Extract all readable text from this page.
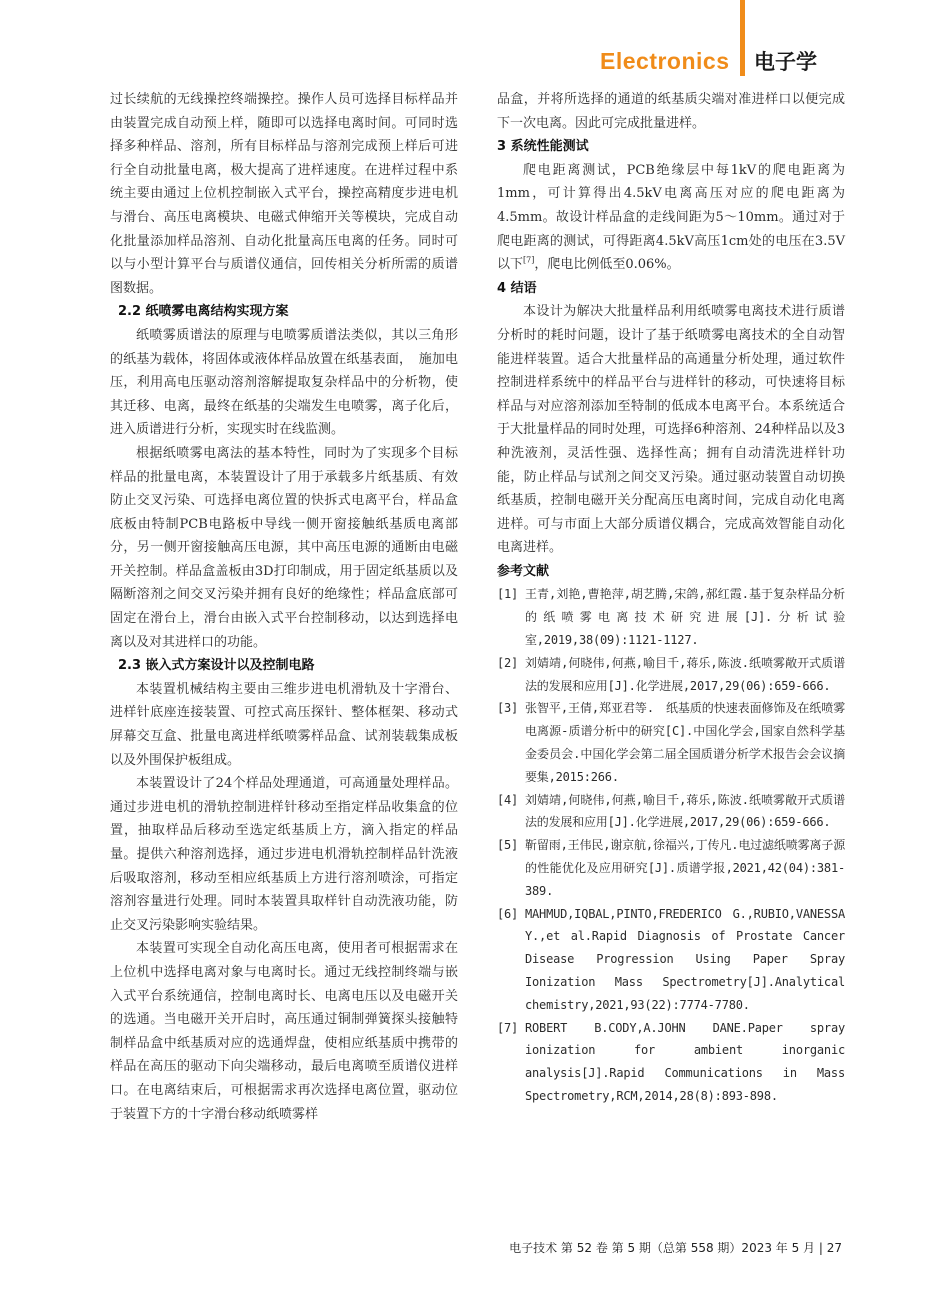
Electronics 电子学

过长续航的无线操控终端操控。操作人员可选择目标样品并由装置完成自动预上样，随即可以选择电离时间。可同时选择多种样品、溶剂，所有目标样品与溶剂完成预上样后可进行全自动批量电离，极大提高了进样速度。在进样过程中系统主要由通过上位机控制嵌入式平台，操控高精度步进电机与滑台、高压电离模块、电磁式伸缩开关等模块，完成自动化批量添加样品溶剂、自动化批量高压电离的任务。同时可以与小型计算平台与质谱仪通信，回传相关分析所需的质谱图数据。

2.2 纸喷雾电离结构实现方案

纸喷雾质谱法的原理与电喷雾质谱法类似，其以三角形的纸基为载体，将固体或液体样品放置在纸基表面，　施加电压，利用高电压驱动溶剂溶解提取复杂样品中的分析物，使其迁移、电离，最终在纸基的尖端发生电喷雾，离子化后，进入质谱进行分析，实现实时在线监测。

根据纸喷雾电离法的基本特性，同时为了实现多个目标样品的批量电离，本装置设计了用于承载多片纸基质、有效防止交叉污染、可选择电离位置的快拆式电离平台，样品盒底板由特制PCB电路板中导线一侧开窗接触纸基质电离部分，另一侧开窗接触高压电源，其中高压电源的通断由电磁开关控制。样品盒盖板由3D打印制成，用于固定纸基质以及隔断溶剂之间交叉污染并拥有良好的绝缘性；样品盒底部可固定在滑台上，滑台由嵌入式平台控制移动，以达到选择电离以及对其进样口的功能。

2.3 嵌入式方案设计以及控制电路

本装置机械结构主要由三维步进电机滑轨及十字滑台、进样针底座连接装置、可控式高压探针、整体框架、移动式屏幕交互盒、批量电离进样纸喷雾样品盒、试剂装载集成板以及外围保护板组成。

本装置设计了24个样品处理通道，可高通量处理样品。通过步进电机的滑轨控制进样针移动至指定样品收集盒的位置，抽取样品后移动至选定纸基质上方，滴入指定的样品量。提供六种溶剂选择，通过步进电机滑轨控制样品针洗液后吸取溶剂，移动至相应纸基质上方进行溶剂喷涂，可指定溶剂容量进行处理。同时本装置具取样针自动洗液功能，防止交叉污染影响实验结果。

本装置可实现全自动化高压电离，使用者可根据需求在上位机中选择电离对象与电离时长。通过无线控制终端与嵌入式平台系统通信，控制电离时长、电离电压以及电磁开关的选通。当电磁开关开启时，高压通过铜制弹簧探头接触特制样品盒中纸基质对应的选通焊盘，使相应纸基质中携带的样品在高压的驱动下向尖端移动，最后电离喷至质谱仪进样口。在电离结束后，可根据需求再次选择电离位置，驱动位于装置下方的十字滑台移动纸喷雾样

品盒，并将所选择的通道的纸基质尖端对准进样口以便完成下一次电离。因此可完成批量进样。

3 系统性能测试

爬电距离测试，PCB绝缘层中每1kV的爬电距离为1mm，可计算得出4.5kV电离高压对应的爬电距离为4.5mm。故设计样品盒的走线间距为5～10mm。通过对于爬电距离的测试，可得距离4.5kV高压1cm处的电压在3.5V以下[7]，爬电比例低至0.06%。

4 结语

本设计为解决大批量样品利用纸喷雾电离技术进行质谱分析时的耗时问题，设计了基于纸喷雾电离技术的全自动智能进样装置。适合大批量样品的高通量分析处理，通过软件控制进样系统中的样品平台与进样针的移动，可快速将目标样品与对应溶剂添加至特制的低成本电离平台。本系统适合于大批量样品的同时处理，可选择6种溶剂、24种样品以及3种洗液剂，灵活性强、选择性高；拥有自动清洗进样针功能，防止样品与试剂之间交叉污染。通过驱动装置自动切换纸基质，控制电磁开关分配高压电离时间，完成自动化电离进样。可与市面上大部分质谱仪耦合，完成高效智能自动化电离进样。

参考文献
[1] 王青,刘艳,曹艳萍,胡艺腾,宋鸽,郝红霞.基于复杂样品分析的纸喷雾电离技术研究进展[J].分析试验室,2019,38(09):1121-1127.
[2] 刘婧靖,何晓伟,何燕,喻目千,蒋乐,陈波.纸喷雾敞开式质谱法的发展和应用[J].化学进展,2017,29(06):659-666.
[3] 张智平,王倩,郑亚君等.　纸基质的快速表面修饰及在纸喷雾电离源-质谱分析中的研究[C].中国化学会,国家自然科学基金委员会.中国化学会第二届全国质谱分析学术报告会会议摘要集,2015:266.
[4] 刘婧靖,何晓伟,何燕,喻目千,蒋乐,陈波.纸喷雾敞开式质谱法的发展和应用[J].化学进展,2017,29(06):659-666.
[5] 靳留雨,王伟民,谢京航,徐福兴,丁传凡.电过滤纸喷雾离子源的性能优化及应用研究[J].质谱学报,2021,42(04):381-389.
[6] MAHMUD,IQBAL,PINTO,FREDERICO G.,RUBIO,VANESSA Y.,et al.Rapid Diagnosis of Prostate Cancer Disease Progression Using Paper Spray Ionization Mass Spectrometry[J].Analytical chemistry,2021,93(22):7774-7780.
[7] ROBERT B.CODY,A.JOHN DANE.Paper spray ionization for ambient inorganic analysis[J].Rapid Communications in Mass Spectrometry,RCM,2014,28(8):893-898.
电子技术 第 52 卷 第 5 期（总第 558 期）2023 年 5 月 | 27
